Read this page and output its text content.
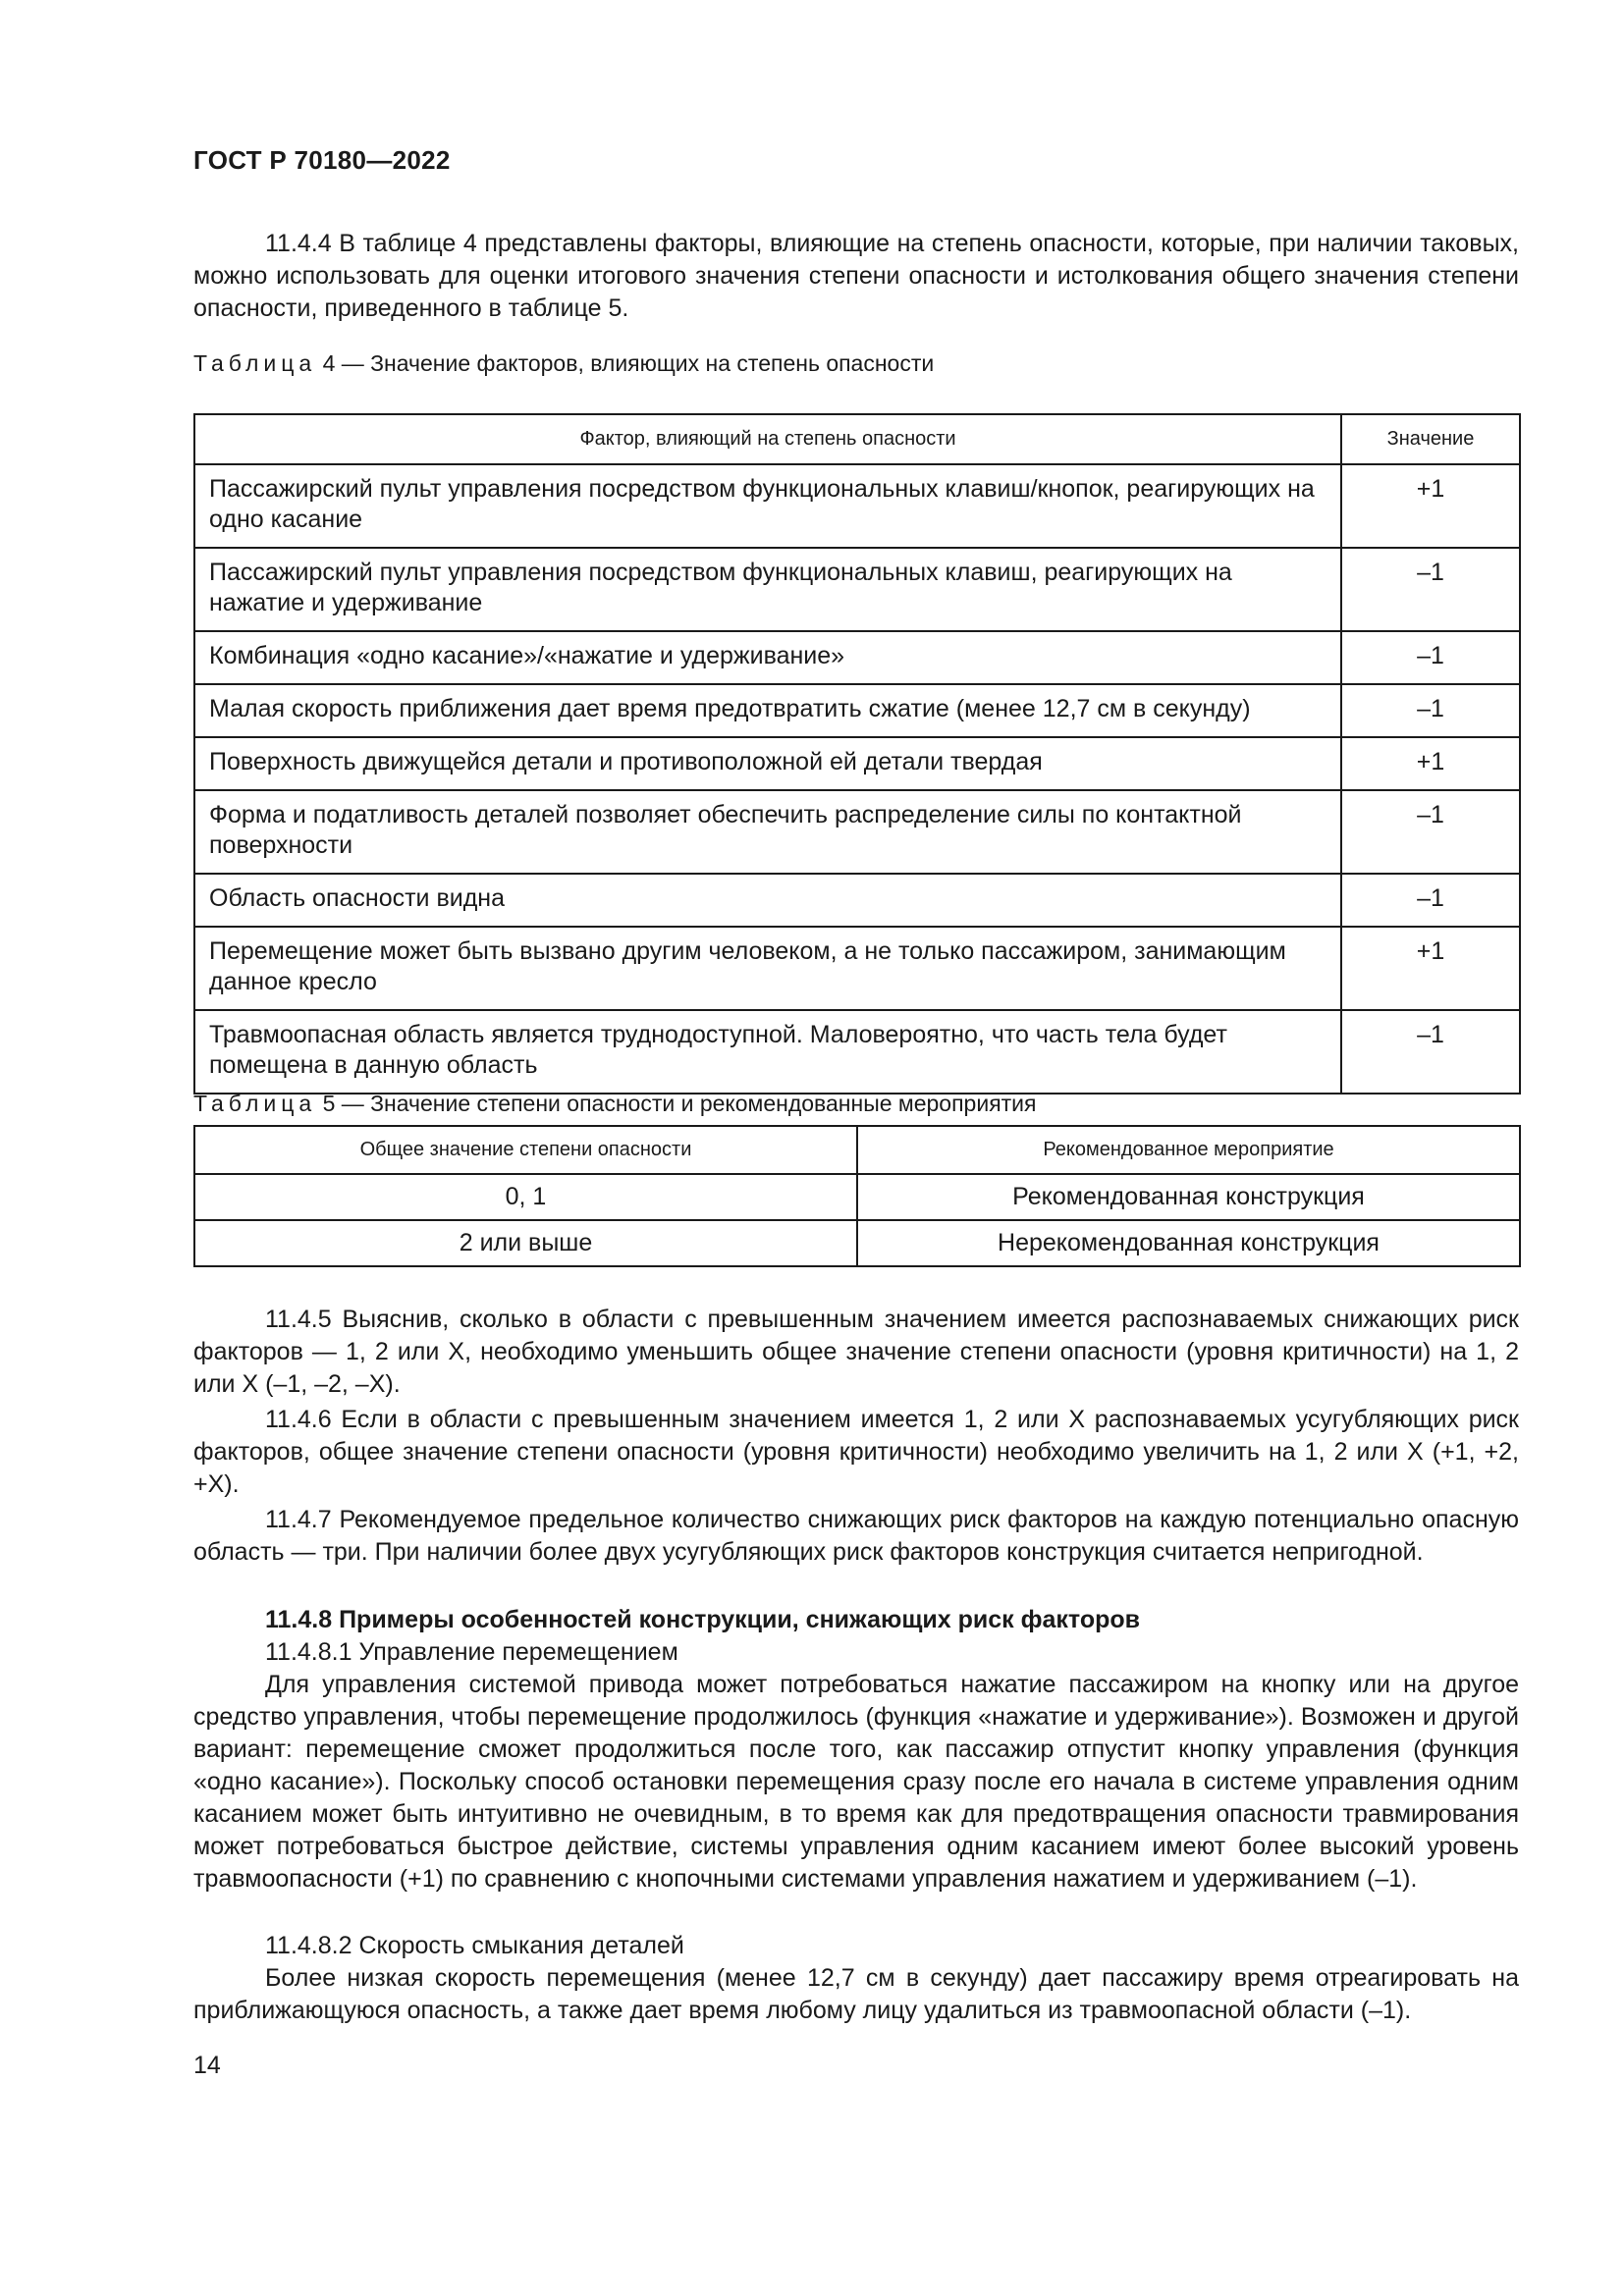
ГОСТ Р 70180—2022
11.4.4 В таблице 4 представлены факторы, влияющие на степень опасности, которые, при наличии таковых, можно использовать для оценки итогового значения степени опасности и истолкования общего значения степени опасности, приведенного в таблице 5.
Таблица 4 — Значение факторов, влияющих на степень опасности
Фактор, влияющий на степень опасности	Значение
Пассажирский пульт управления посредством функциональных клавиш/кнопок, реагирующих на одно касание	+1
Пассажирский пульт управления посредством функциональных клавиш, реагирующих на нажатие и удерживание	–1
Комбинация «одно касание»/«нажатие и удерживание»	–1
Малая скорость приближения дает время предотвратить сжатие (менее 12,7 см в секунду)	–1
Поверхность движущейся детали и противоположной ей детали твердая	+1
Форма и податливость деталей позволяет обеспечить распределение силы по контактной поверхности	–1
Область опасности видна	–1
Перемещение может быть вызвано другим человеком, а не только пассажиром, занимающим данное кресло	+1
Травмоопасная область является труднодоступной. Маловероятно, что часть тела будет помещена в данную область	–1
Таблица 5 — Значение степени опасности и рекомендованные мероприятия
Общее значение степени опасности	Рекомендованное мероприятие
0, 1	Рекомендованная конструкция
2 или выше	Нерекомендованная конструкция
11.4.5 Выяснив, сколько в области с превышенным значением имеется распознаваемых снижающих риск факторов — 1, 2 или X, необходимо уменьшить общее значение степени опасности (уровня критичности) на 1, 2 или X (–1, –2, –X).
11.4.6 Если в области с превышенным значением имеется 1, 2 или X распознаваемых усугубляющих риск факторов, общее значение степени опасности (уровня критичности) необходимо увеличить на 1, 2 или X (+1, +2, +X).
11.4.7 Рекомендуемое предельное количество снижающих риск факторов на каждую потенциально опасную область — три. При наличии более двух усугубляющих риск факторов конструкция считается непригодной.
11.4.8 Примеры особенностей конструкции, снижающих риск факторов
11.4.8.1 Управление перемещением
Для управления системой привода может потребоваться нажатие пассажиром на кнопку или на другое средство управления, чтобы перемещение продолжилось (функция «нажатие и удерживание»). Возможен и другой вариант: перемещение сможет продолжиться после того, как пассажир отпустит кнопку управления (функция «одно касание»). Поскольку способ остановки перемещения сразу после его начала в системе управления одним касанием может быть интуитивно не очевидным, в то время как для предотвращения опасности травмирования может потребоваться быстрое действие, системы управления одним касанием имеют более высокий уровень травмоопасности (+1) по сравнению с кнопочными системами управления нажатием и удерживанием (–1).
11.4.8.2 Скорость смыкания деталей
Более низкая скорость перемещения (менее 12,7 см в секунду) дает пассажиру время отреагировать на приближающуюся опасность, а также дает время любому лицу удалиться из травмоопасной области (–1).
14
